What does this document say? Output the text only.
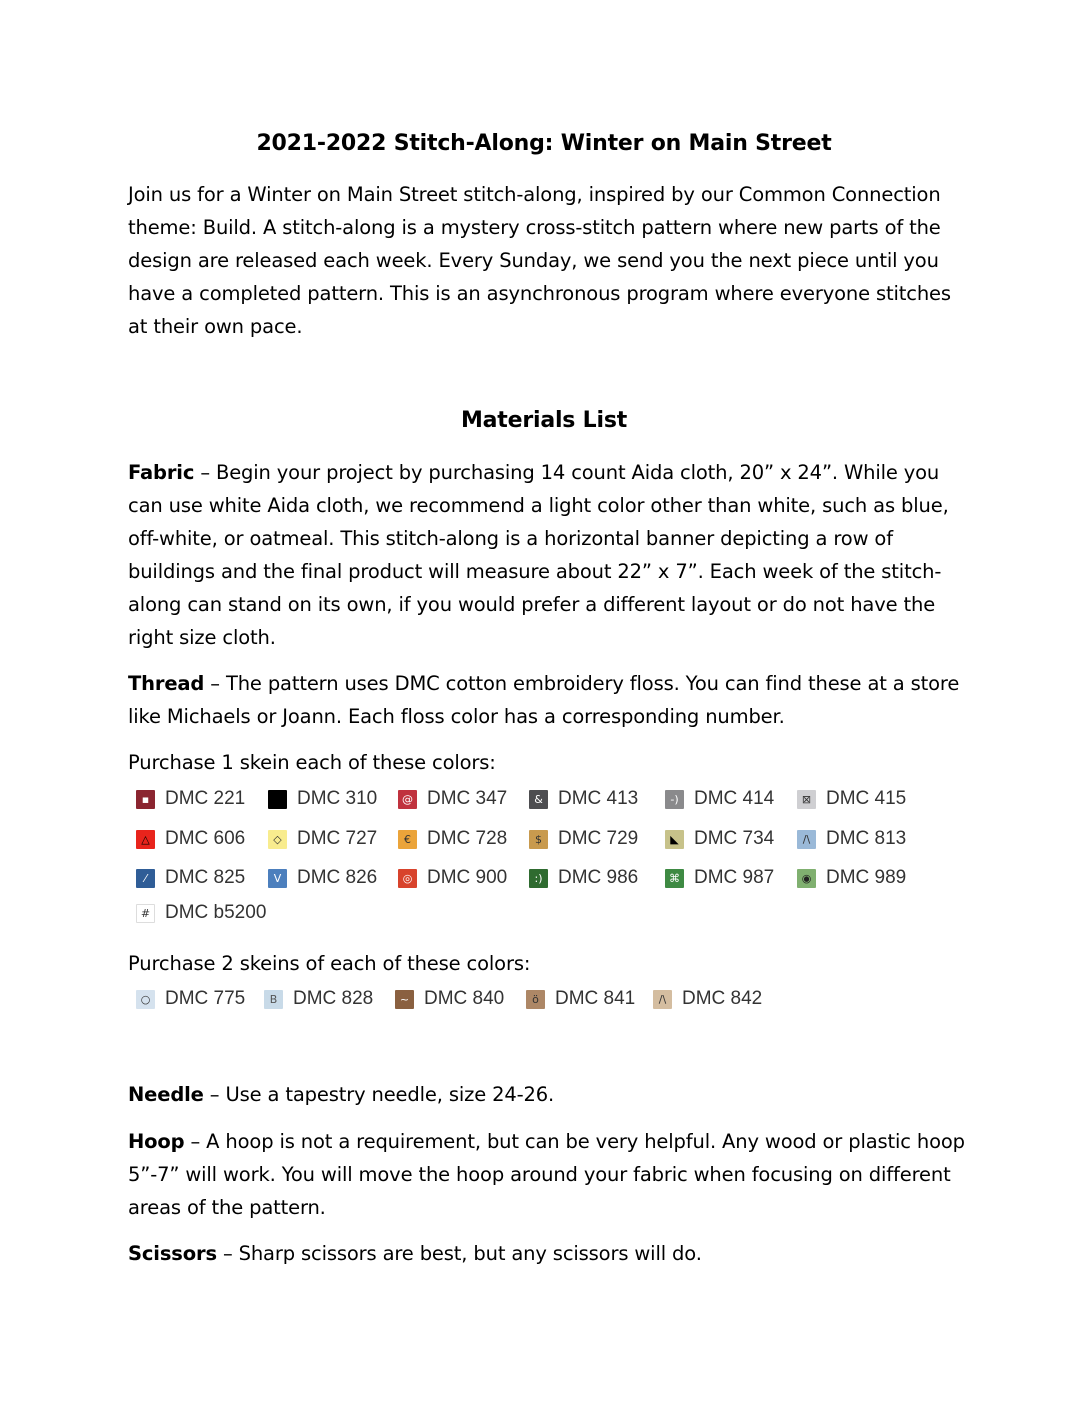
2021-2022 Stitch-Along: Winter on Main Street

Join us for a Winter on Main Street stitch-along, inspired by our Common Connection theme: Build. A stitch-along is a mystery cross-stitch pattern where new parts of the design are released each week. Every Sunday, we send you the next piece until you have a completed pattern. This is an asynchronous program where everyone stitches at their own pace.

Materials List

Fabric – Begin your project by purchasing 14 count Aida cloth, 20” x 24”. While you can use white Aida cloth, we recommend a light color other than white, such as blue, off-white, or oatmeal. This stitch-along is a horizontal banner depicting a row of buildings and the final product will measure about 22” x 7”. Each week of the stitch-along can stand on its own, if you would prefer a different layout or do not have the right size cloth.

Thread – The pattern uses DMC cotton embroidery floss. You can find these at a store like Michaels or Joann. Each floss color has a corresponding number.

Purchase 1 skein each of these colors:

▪ DMC 221	DMC 310	@ DMC 347	& DMC 413	-) DMC 414	⊠ DMC 415
△ DMC 606	◇ DMC 727	€ DMC 728	$ DMC 729	◣ DMC 734	/\ DMC 813
⁄ DMC 825	V DMC 826	◎ DMC 900	:) DMC 986	⌘ DMC 987	◉ DMC 989
# DMC b5200

Purchase 2 skeins of each of these colors:

○ DMC 775	B DMC 828	~ DMC 840	ö DMC 841	/\ DMC 842

Needle – Use a tapestry needle, size 24-26.

Hoop – A hoop is not a requirement, but can be very helpful. Any wood or plastic hoop 5”-7” will work. You will move the hoop around your fabric when focusing on different areas of the pattern.

Scissors – Sharp scissors are best, but any scissors will do.
